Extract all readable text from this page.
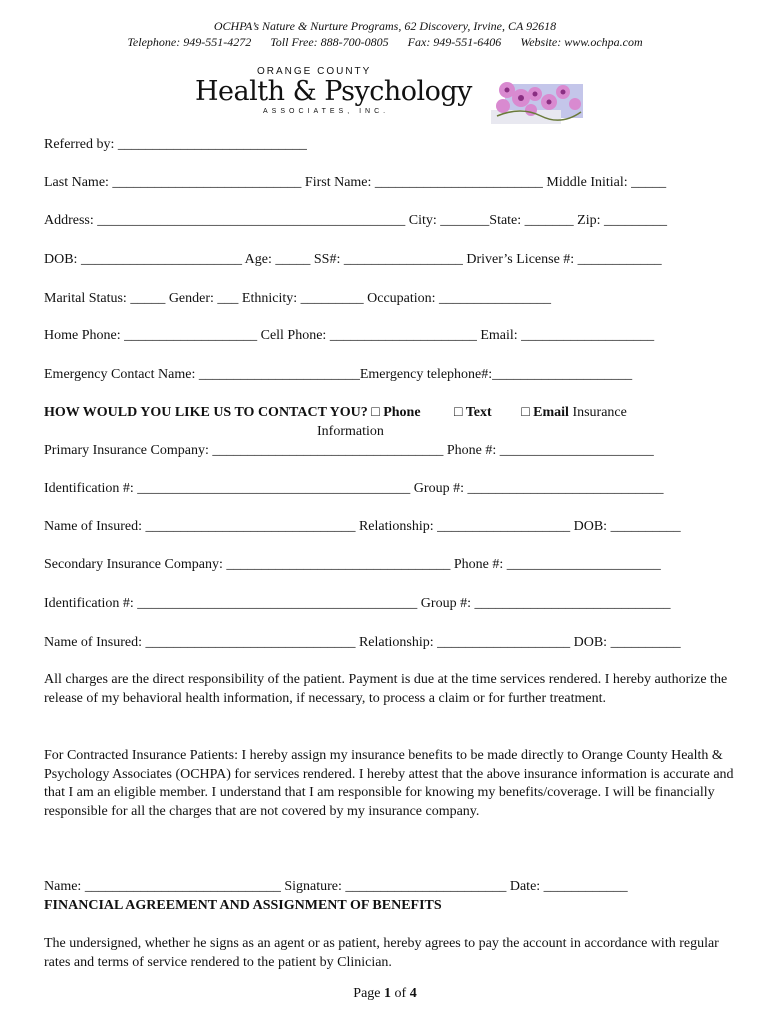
OCHPA’s Nature & Nurture Programs, 62 Discovery, Irvine, CA 92618
Telephone: 949-551-4272 Toll Free: 888-700-0805 Fax: 949-551-6406 Website: www.ochpa.com
ORANGE COUNTY
Health & Psychology
ASSOCIATES, INC.
Referred by: ___________________________
Last Name: ___________________________ First Name: ________________________ Middle Initial: _____
Address: ____________________________________________ City: _______State: _______ Zip: _________
DOB: _______________________ Age: _____ SS#: _________________ Driver’s License #: ____________
Marital Status: _____ Gender: ___ Ethnicity: _________ Occupation: ________________
Home Phone: ___________________ Cell Phone: _____________________ Email: ___________________
Emergency Contact Name: _______________________Emergency telephone#:____________________
HOW WOULD YOU LIKE US TO CONTACT YOU? □ Phone □ Text □ Email Insurance
Information
Primary Insurance Company: _________________________________ Phone #: ______________________
Identification #: _______________________________________ Group #: ____________________________
Name of Insured: ______________________________ Relationship: ___________________ DOB: __________
Secondary Insurance Company: ________________________________ Phone #: ______________________
Identification #: ________________________________________ Group #: ____________________________
Name of Insured: ______________________________ Relationship: ___________________ DOB: __________
All charges are the direct responsibility of the patient. Payment is due at the time services rendered. I hereby authorize the release of my behavioral health information, if necessary, to process a claim or for further treatment.
For Contracted Insurance Patients: I hereby assign my insurance benefits to be made directly to Orange County Health & Psychology Associates (OCHPA) for services rendered. I hereby attest that the above insurance information is accurate and that I am an eligible member. I understand that I am responsible for knowing my benefits/coverage. I will be financially responsible for all the charges that are not covered by my insurance company.
Name: ____________________________ Signature: _______________________ Date: ____________
FINANCIAL AGREEMENT AND ASSIGNMENT OF BENEFITS
The undersigned, whether he signs as an agent or as patient, hereby agrees to pay the account in accordance with regular rates and terms of service rendered to the patient by Clinician.
Page 1 of 4
